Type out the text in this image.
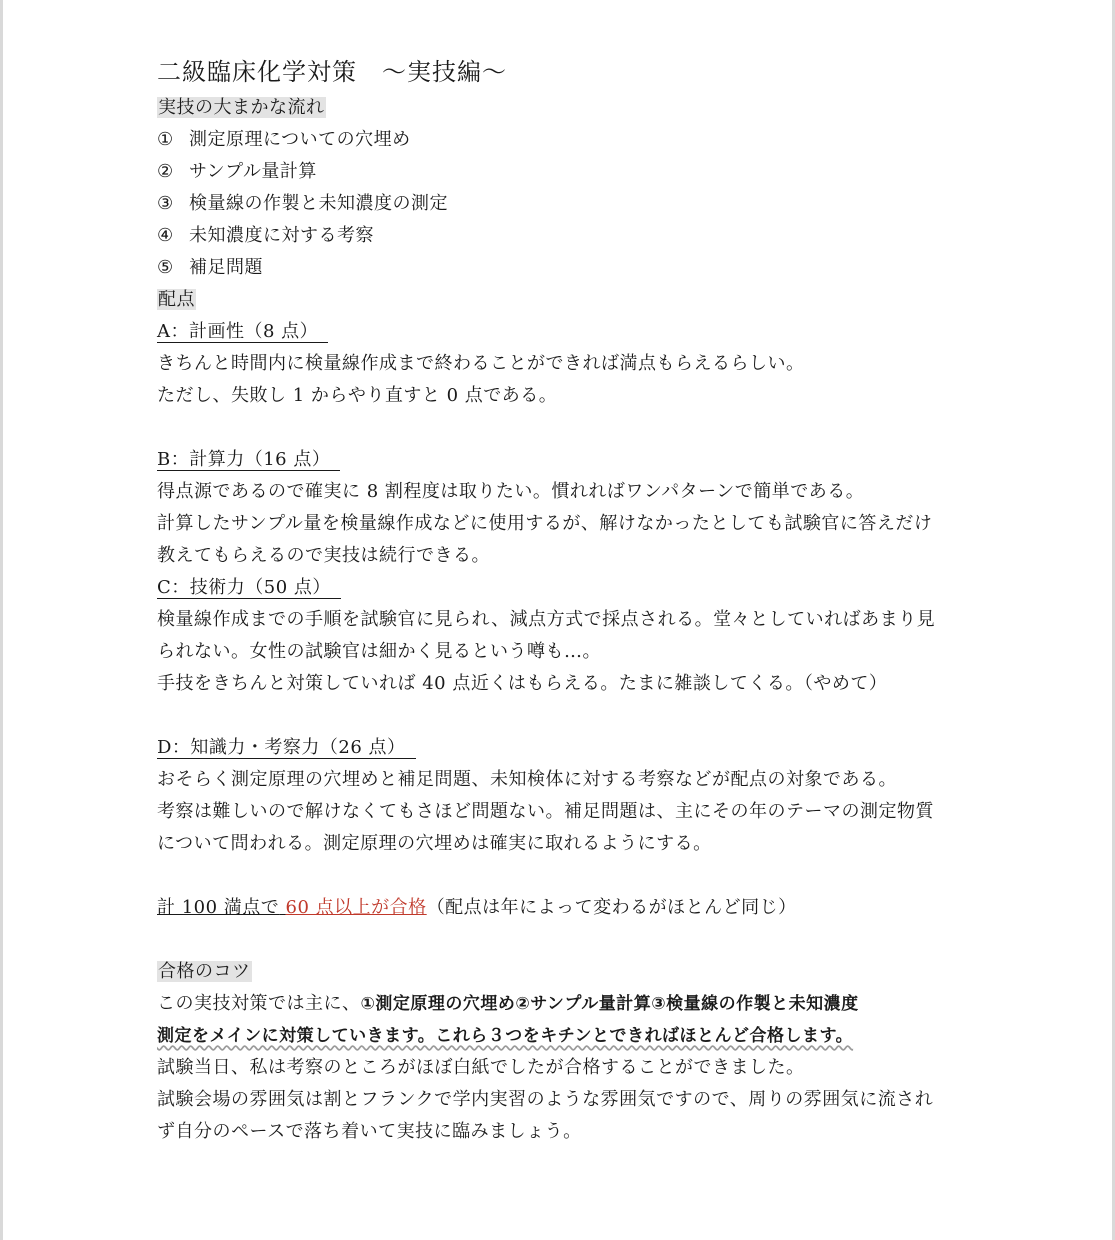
二級臨床化学対策　～実技編～
実技の大まかな流れ
① 測定原理についての穴埋め
② サンプル量計算
③ 検量線の作製と未知濃度の測定
④ 未知濃度に対する考察
⑤ 補足問題
配点
A：計画性（8 点）
きちんと時間内に検量線作成まで終わることができれば満点もらえるらしい。
ただし、失敗し 1 からやり直すと 0 点である。
B：計算力（16 点）
得点源であるので確実に 8 割程度は取りたい。慣れればワンパターンで簡単である。
計算したサンプル量を検量線作成などに使用するが、解けなかったとしても試験官に答えだけ
教えてもらえるので実技は続行できる。
C：技術力（50 点）
検量線作成までの手順を試験官に見られ、減点方式で採点される。堂々としていればあまり見
られない。女性の試験官は細かく見るという噂も…。
手技をきちんと対策していれば 40 点近くはもらえる。たまに雑談してくる。（やめて）
D：知識力・考察力（26 点）
おそらく測定原理の穴埋めと補足問題、未知検体に対する考察などが配点の対象である。
考察は難しいので解けなくてもさほど問題ない。補足問題は、主にその年のテーマの測定物質
について問われる。測定原理の穴埋めは確実に取れるようにする。
計 100 満点で 60 点以上が合格（配点は年によって変わるがほとんど同じ）
合格のコツ
この実技対策では主に、①測定原理の穴埋め②サンプル量計算③検量線の作製と未知濃度
測定をメインに対策していきます。これら３つをキチンとできればほとんど合格します。
試験当日、私は考察のところがほぼ白紙でしたが合格することができました。
試験会場の雰囲気は割とフランクで学内実習のような雰囲気ですので、周りの雰囲気に流され
ず自分のペースで落ち着いて実技に臨みましょう。
